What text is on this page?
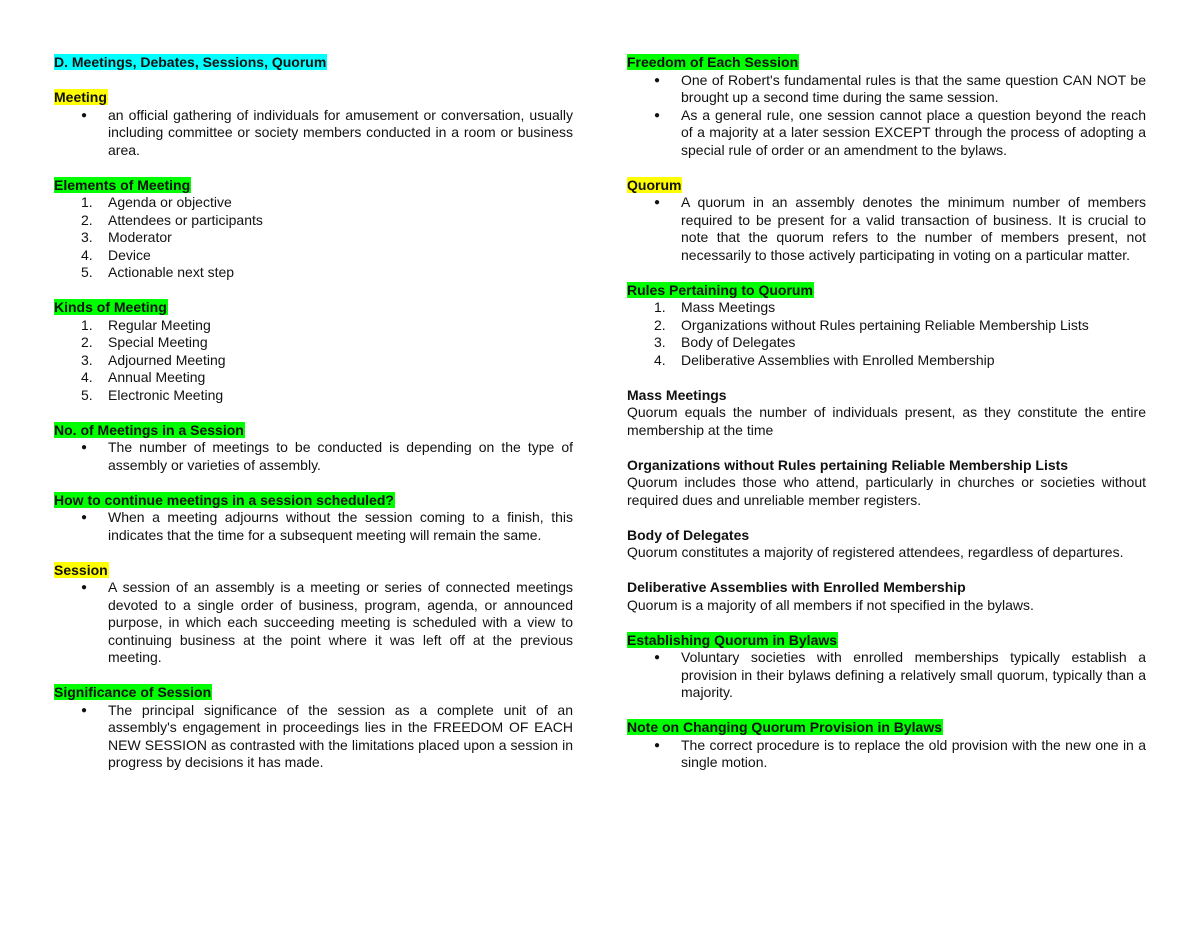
D. Meetings, Debates, Sessions, Quorum

Meeting

● an official gathering of individuals for amusement or conversation, usually including committee or society members conducted in a room or business area.

Elements of Meeting

1.	Agenda or objective
2.	Attendees or participants
3.	Moderator
4.	Device
5.	Actionable next step

Kinds of Meeting

1.	Regular Meeting
2.	Special Meeting
3.	Adjourned Meeting
4.	Annual Meeting
5.	Electronic Meeting

No. of Meetings in a Session

● The number of meetings to be conducted is depending on the type of assembly or varieties of assembly.

How to continue meetings in a session scheduled?

● When a meeting adjourns without the session coming to a finish, this indicates that the time for a subsequent meeting will remain the same.

Session

● A session of an assembly is a meeting or series of connected meetings devoted to a single order of business, program, agenda, or announced purpose, in which each succeeding meeting is scheduled with a view to continuing business at the point where it was left off at the previous meeting.

Significance of Session

● The principal significance of the session as a complete unit of an assembly's engagement in proceedings lies in the FREEDOM OF EACH NEW SESSION as contrasted with the limitations placed upon a session in progress by decisions it has made.

Freedom of Each Session

● One of Robert's fundamental rules is that the same question CAN NOT be brought up a second time during the same session.
● As a general rule, one session cannot place a question beyond the reach of a majority at a later session EXCEPT through the process of adopting a special rule of order or an amendment to the bylaws.

Quorum

● A quorum in an assembly denotes the minimum number of members required to be present for a valid transaction of business. It is crucial to note that the quorum refers to the number of members present, not necessarily to those actively participating in voting on a particular matter.

Rules Pertaining to Quorum

1.	Mass Meetings
2.	Organizations without Rules pertaining Reliable Membership Lists
3.	Body of Delegates
4.	Deliberative Assemblies with Enrolled Membership

Mass Meetings

Quorum equals the number of individuals present, as they constitute the entire membership at the time

Organizations without Rules pertaining Reliable Membership Lists

Quorum includes those who attend, particularly in churches or societies without required dues and unreliable member registers.

Body of Delegates

Quorum constitutes a majority of registered attendees, regardless of departures.

Deliberative Assemblies with Enrolled Membership

Quorum is a majority of all members if not specified in the bylaws.

Establishing Quorum in Bylaws

● Voluntary societies with enrolled memberships typically establish a provision in their bylaws defining a relatively small quorum, typically than a majority.

Note on Changing Quorum Provision in Bylaws

● The correct procedure is to replace the old provision with the new one in a single motion.
